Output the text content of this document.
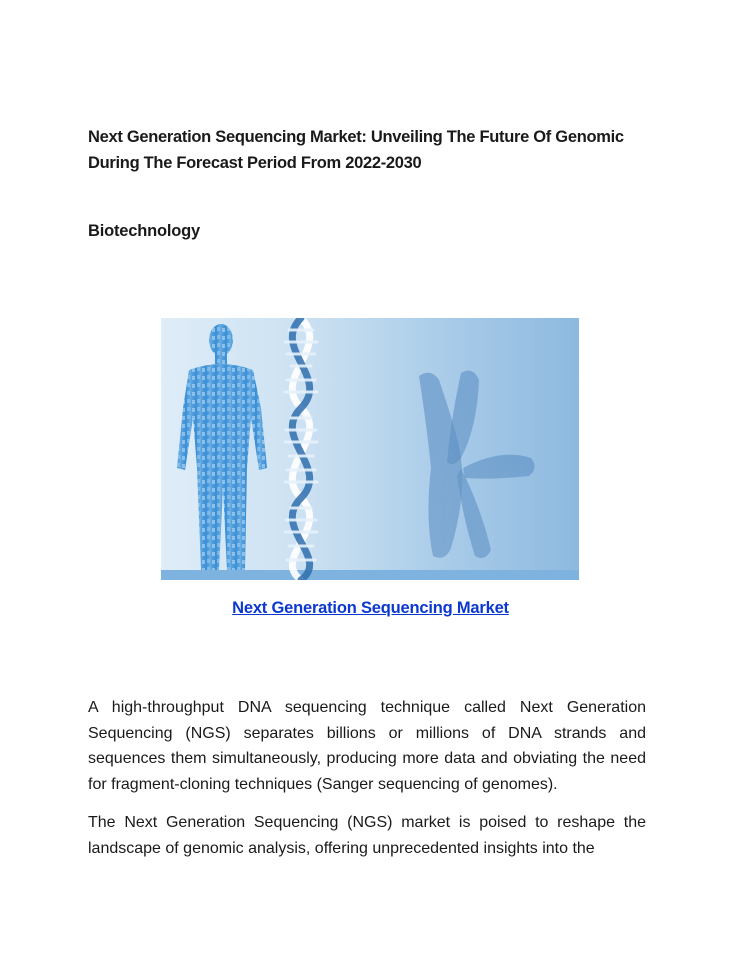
Next Generation Sequencing Market: Unveiling The Future Of Genomic During The Forecast Period From 2022-2030
Biotechnology
Next Generation Sequencing Market

A high-throughput DNA sequencing technique called Next Generation Sequencing (NGS) separates billions or millions of DNA strands and sequences them simultaneously, producing more data and obviating the need for fragment-cloning techniques (Sanger sequencing of genomes).

The Next Generation Sequencing (NGS) market is poised to reshape the landscape of genomic analysis, offering unprecedented insights into the
